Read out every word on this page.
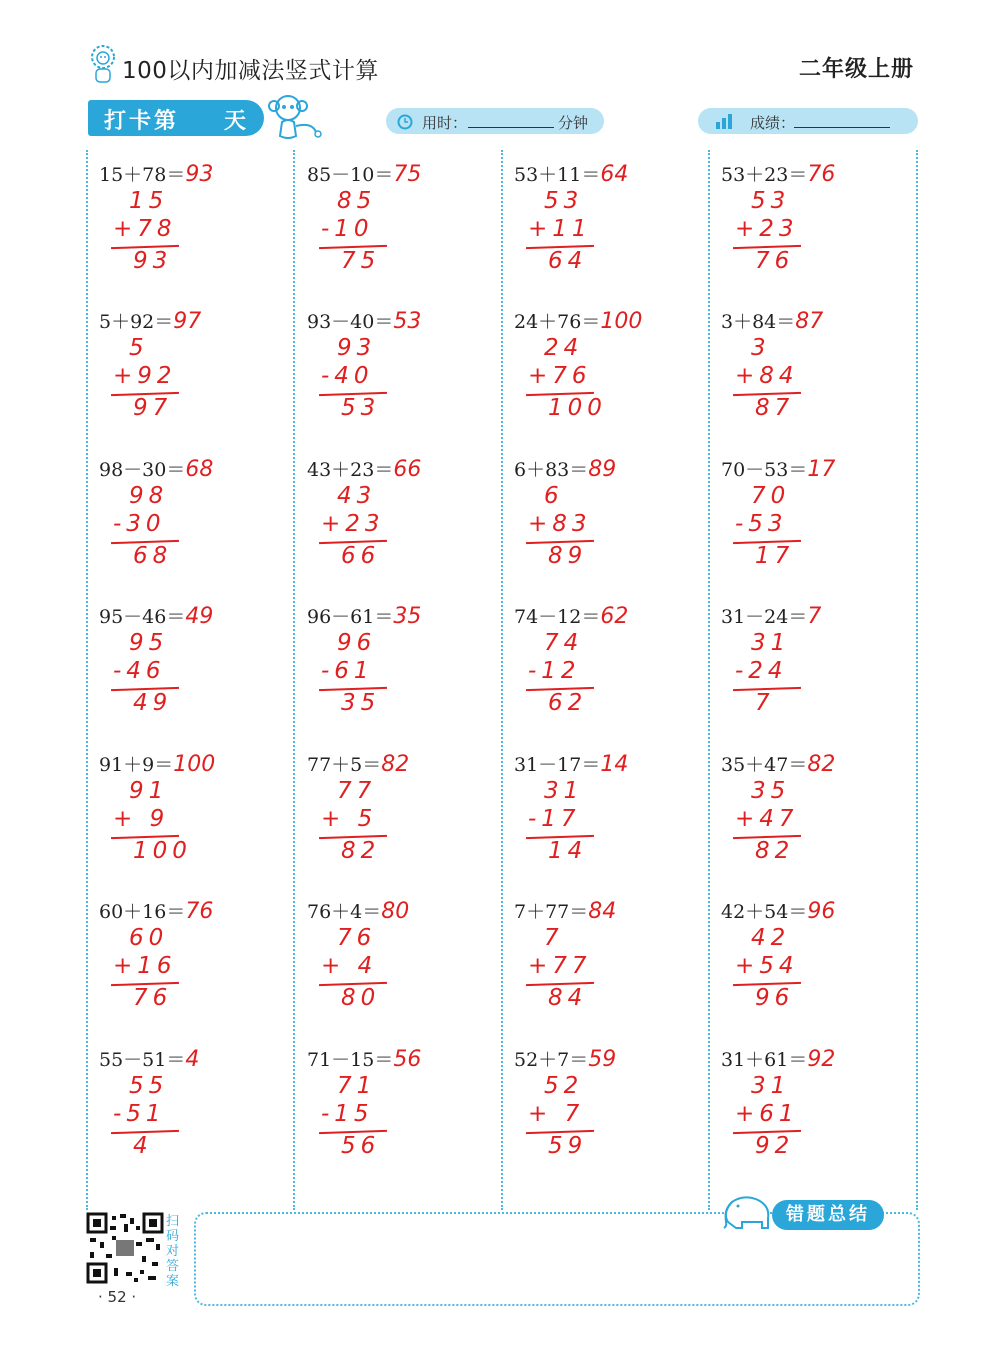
100以内加减法竖式计算	二年级上册
打卡第 天	用时：	分钟	成绩：
15＋78＝93
15
+78
93
5＋92＝97
5
+92
97
98－30＝68
98
-30
68
95－46＝49
95
-46
49
91＋9＝100
91
+ 9
100
60＋16＝76
60
+16
76
55－51＝4
55
-51
4
85－10＝75
85
-10
75
93－40＝53
93
-40
53
43＋23＝66
43
+23
66
96－61＝35
96
-61
35
77＋5＝82
77
+ 5
82
76＋4＝80
76
+ 4
80
71－15＝56
71
-15
56
53＋11＝64
53
+11
64
24＋76＝100
24
+76
100
6＋83＝89
6
+83
89
74－12＝62
74
-12
62
31－17＝14
31
-17
14
7＋77＝84
7
+77
84
52＋7＝59
52
+ 7
59
53＋23＝76
53
+23
76
3＋84＝87
3
+84
87
70－53＝17
70
-53
17
31－24＝7
31
-24
7
35＋47＝82
35
+47
82
42＋54＝96
42
+54
96
31＋61＝92
31
+61
92
错题总结
扫码对答案
· 52 ·
